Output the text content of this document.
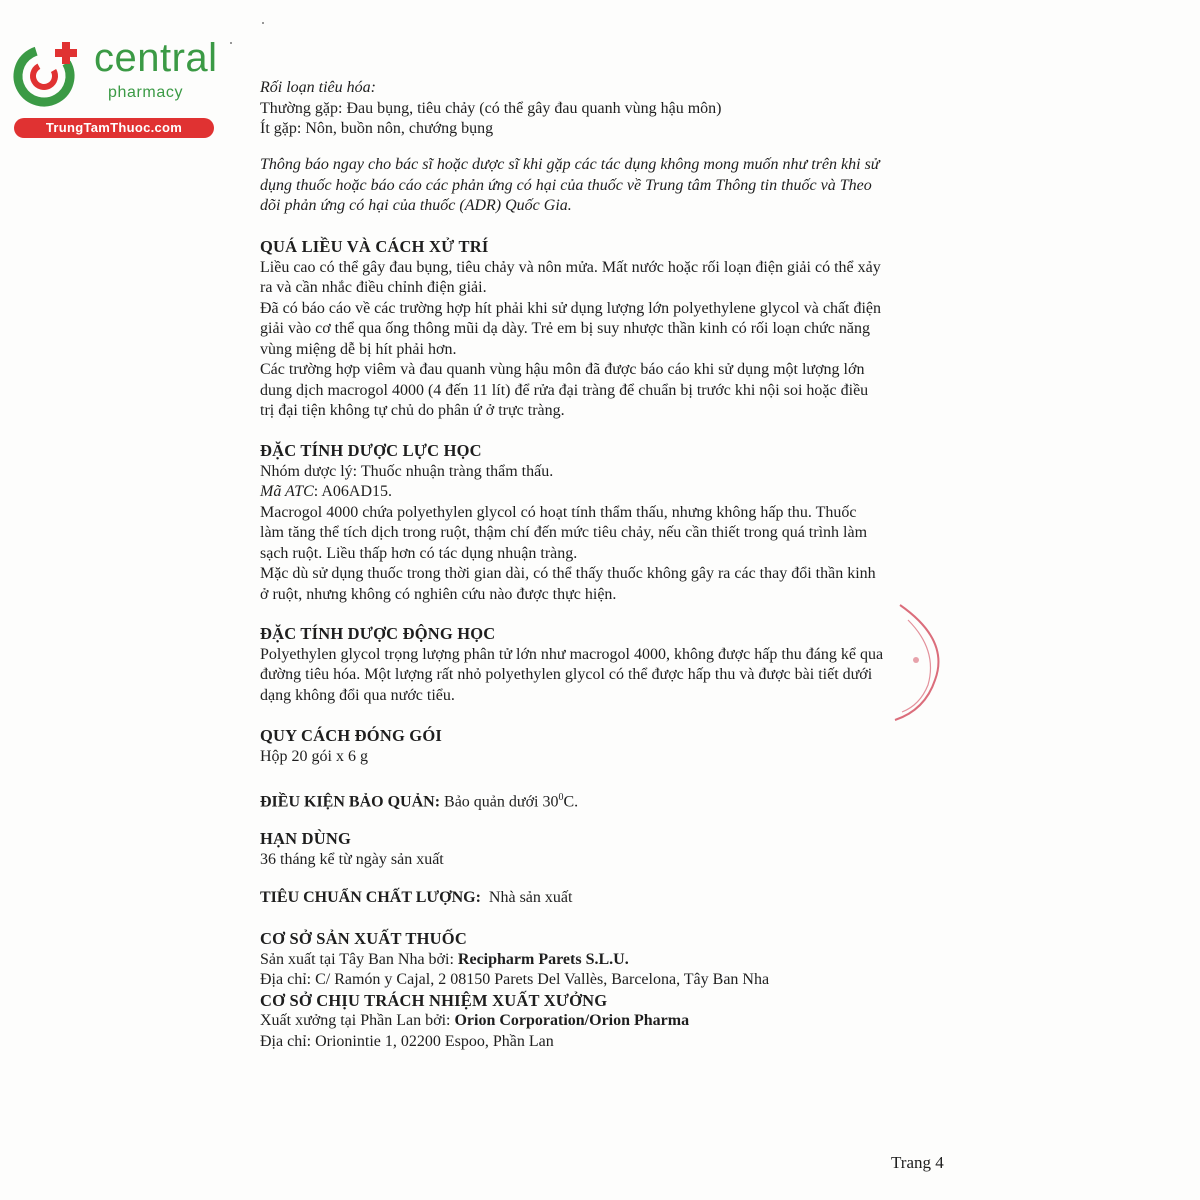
central
pharmacy
TrungTamThuoc.com

Rối loạn tiêu hóa:

Thường gặp: Đau bụng, tiêu chảy (có thể gây đau quanh vùng hậu môn)

Ít gặp: Nôn, buồn nôn, chướng bụng

Thông báo ngay cho bác sĩ hoặc dược sĩ khi gặp các tác dụng không mong muốn như trên khi sử

dụng thuốc hoặc báo cáo các phản ứng có hại của thuốc về Trung tâm Thông tin thuốc và Theo

dõi phản ứng có hại của thuốc (ADR) Quốc Gia.

QUÁ LIỀU VÀ CÁCH XỬ TRÍ

Liều cao có thể gây đau bụng, tiêu chảy và nôn mửa. Mất nước hoặc rối loạn điện giải có thể xảy

ra và cần nhắc điều chỉnh điện giải.

Đã có báo cáo về các trường hợp hít phải khi sử dụng lượng lớn polyethylene glycol và chất điện

giải vào cơ thể qua ống thông mũi dạ dày. Trẻ em bị suy nhược thần kinh có rối loạn chức năng

vùng miệng dễ bị hít phải hơn.

Các trường hợp viêm và đau quanh vùng hậu môn đã được báo cáo khi sử dụng một lượng lớn

dung dịch macrogol 4000 (4 đến 11 lít) để rửa đại tràng để chuẩn bị trước khi nội soi hoặc điều

trị đại tiện không tự chủ do phân ứ ở trực tràng.

ĐẶC TÍNH DƯỢC LỰC HỌC

Nhóm dược lý: Thuốc nhuận tràng thẩm thấu.

Mã ATC: A06AD15.

Macrogol 4000 chứa polyethylen glycol có hoạt tính thẩm thấu, nhưng không hấp thu. Thuốc

làm tăng thể tích dịch trong ruột, thậm chí đến mức tiêu chảy, nếu cần thiết trong quá trình làm

sạch ruột. Liều thấp hơn có tác dụng nhuận tràng.

Mặc dù sử dụng thuốc trong thời gian dài, có thể thấy thuốc không gây ra các thay đổi thần kinh

ở ruột, nhưng không có nghiên cứu nào được thực hiện.

ĐẶC TÍNH DƯỢC ĐỘNG HỌC

Polyethylen glycol trọng lượng phân tử lớn như macrogol 4000, không được hấp thu đáng kể qua

đường tiêu hóa. Một lượng rất nhỏ polyethylen glycol có thể được hấp thu và được bài tiết dưới

dạng không đổi qua nước tiểu.

QUY CÁCH ĐÓNG GÓI

Hộp 20 gói x 6 g

ĐIỀU KIỆN BẢO QUẢN: Bảo quản dưới $30^0C$.

HẠN DÙNG

36 tháng kể từ ngày sản xuất

TIÊU CHUẨN CHẤT LƯỢNG: Nhà sản xuất

CƠ SỞ SẢN XUẤT THUỐC

Sản xuất tại Tây Ban Nha bởi: Recipharm Parets S.L.U.

Địa chỉ: C/ Ramón y Cajal, 2 08150 Parets Del Vallès, Barcelona, Tây Ban Nha

CƠ SỞ CHỊU TRÁCH NHIỆM XUẤT XƯỞNG

Xuất xưởng tại Phần Lan bởi: Orion Corporation/Orion Pharma

Địa chỉ: Orionintie 1, 02200 Espoo, Phần Lan

Trang 4
